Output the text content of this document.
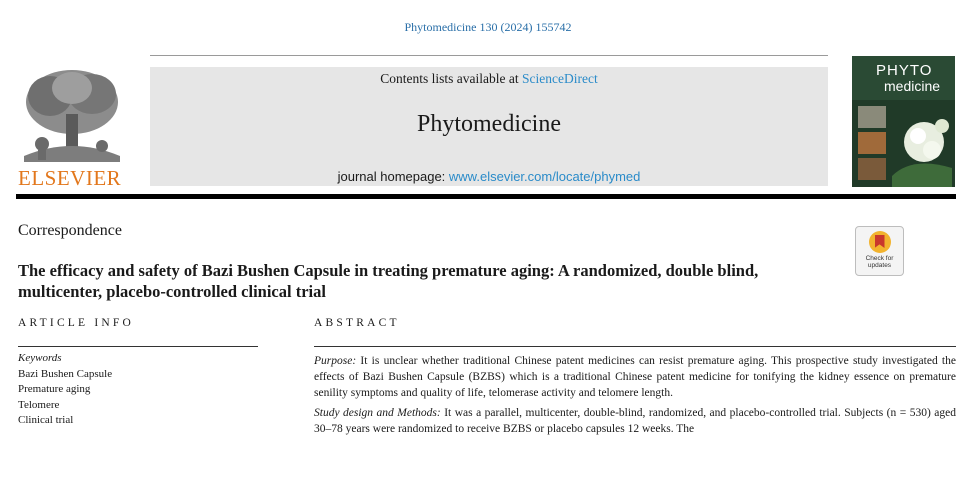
Phytomedicine 130 (2024) 155742
ELSEVIER
Contents lists available at ScienceDirect
Phytomedicine
journal homepage: www.elsevier.com/locate/phymed
PHYTO
medicine
Correspondence
Check for updates
The efficacy and safety of Bazi Bushen Capsule in treating premature aging: A randomized, double blind, multicenter, placebo-controlled clinical trial
ARTICLE INFO	ABSTRACT
Keywords
Bazi Bushen Capsule
Premature aging
Telomere
Clinical trial

Purpose: It is unclear whether traditional Chinese patent medicines can resist premature aging. This prospective study investigated the effects of Bazi Bushen Capsule (BZBS) which is a traditional Chinese patent medicine for tonifying the kidney essence on premature senility symptoms and quality of life, telomerase activity and telomere length.

Study design and Methods: It was a parallel, multicenter, double-blind, randomized, and placebo-controlled trial. Subjects (n = 530) aged 30–78 years were randomized to receive BZBS or placebo capsules 12 weeks. The
